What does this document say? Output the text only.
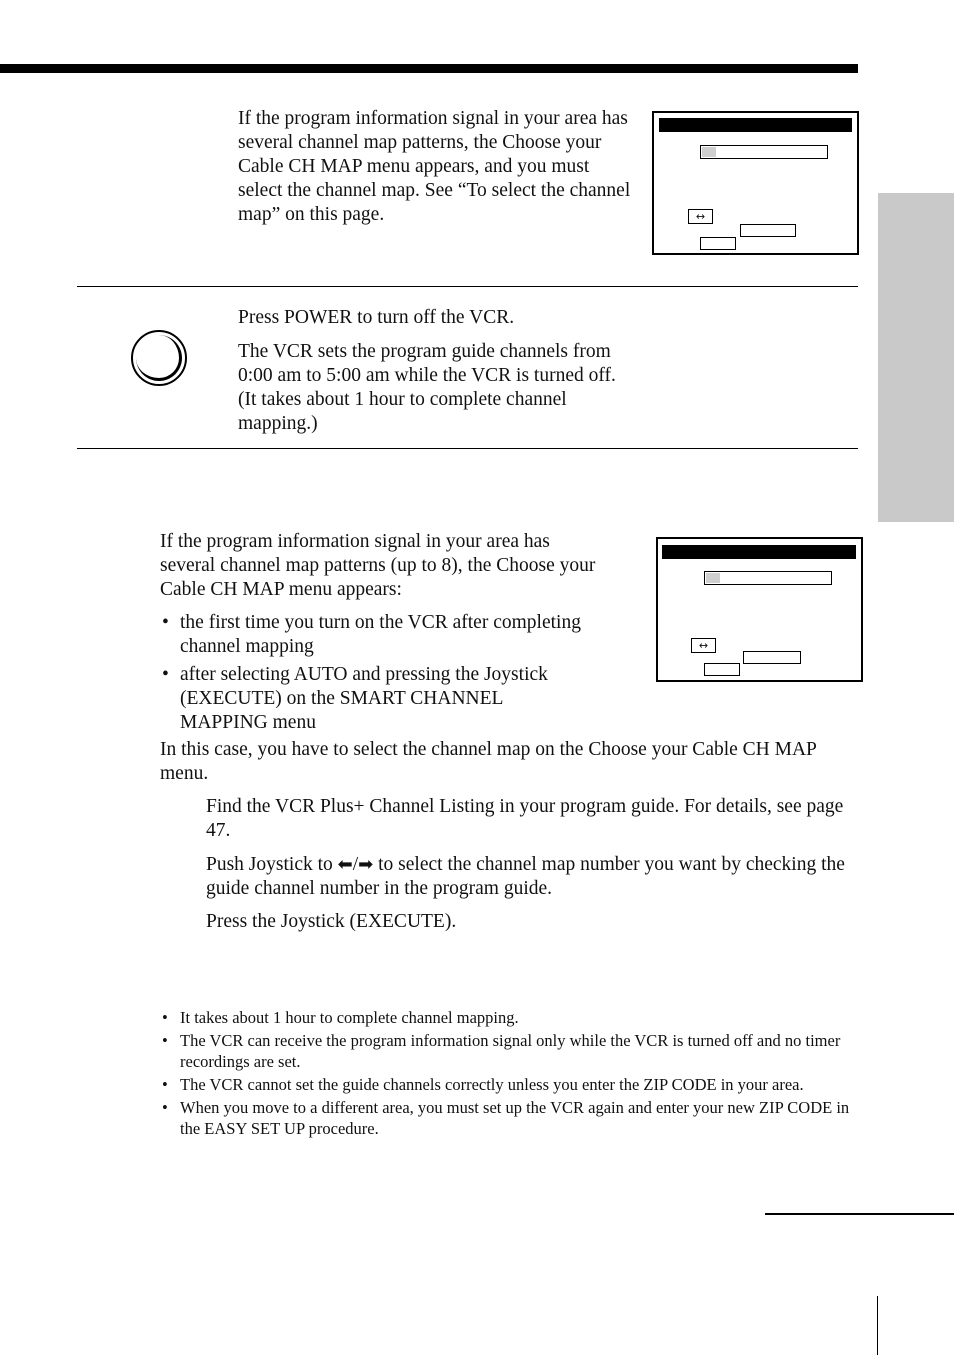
If the program information signal in your area has several channel map patterns, the Choose your Cable CH MAP menu appears, and you must select the channel map. See “To select the channel map” on this page.	↔

Press POWER to turn off the VCR.

The VCR sets the program guide channels from 0:00 am to 5:00 am while the VCR is turned off. (It takes about 1 hour to complete channel mapping.)

If the program information signal in your area has several channel map patterns (up to 8), the Choose your Cable CH MAP menu appears:

• the first time you turn on the VCR after completing channel mapping
• after selecting AUTO and pressing the Joystick (EXECUTE) on the SMART CHANNEL MAPPING menu
↔

In this case, you have to select the channel map on the Choose your Cable CH MAP menu.

Find the VCR Plus+ Channel Listing in your program guide. For details, see page 47.

Push Joystick to ⬅/➡ to select the channel map number you want by checking the guide channel number in the program guide.

Press the Joystick (EXECUTE).

• It takes about 1 hour to complete channel mapping.
• The VCR can receive the program information signal only while the VCR is turned off and no timer recordings are set.
• The VCR cannot set the guide channels correctly unless you enter the ZIP CODE in your area.
• When you move to a different area, you must set up the VCR again and enter your new ZIP CODE in the EASY SET UP procedure.
